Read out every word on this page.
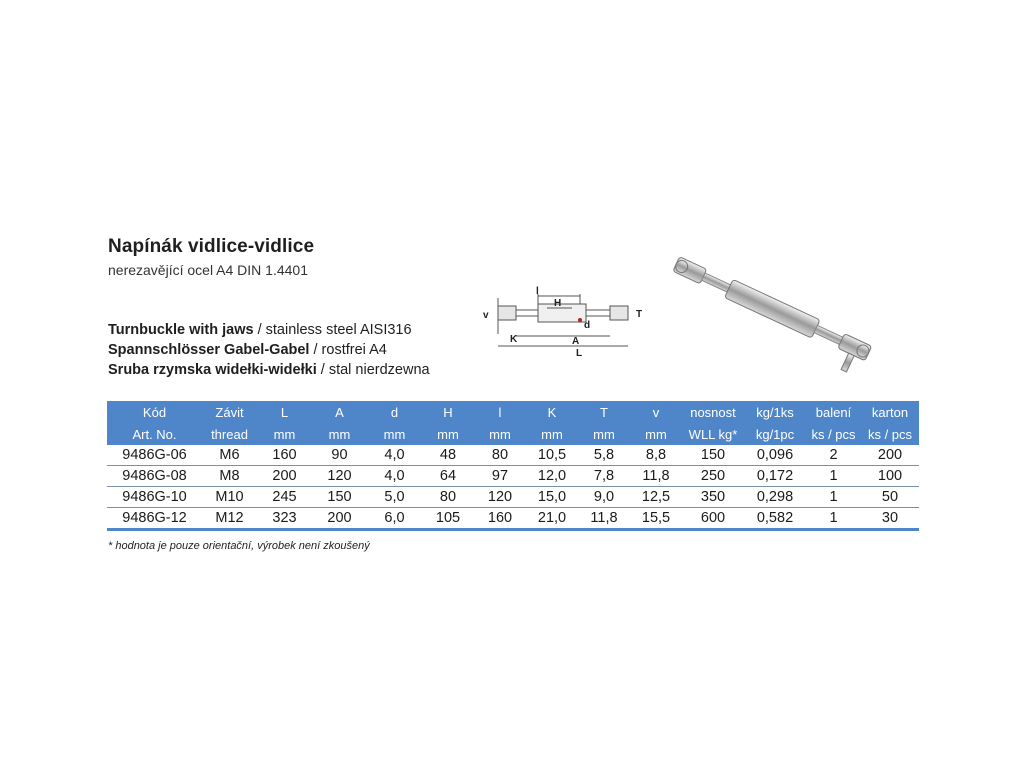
Napínák vidlice-vidlice
nerezavějící ocel A4 DIN 1.4401
Turnbuckle with jaws / stainless steel AISI316
Spannschlösser Gabel-Gabel / rostfrei A4
Sruba rzymska widełki-widełki / stal nierdzewna
l
H
v	T
d
K	A
L
Kód	Závit	L	A	d	H	l	K	T	v	nosnost	kg/1ks	balení	karton
Art. No.	thread	mm	mm	mm	mm	mm	mm	mm	mm	WLL kg*	kg/1pc	ks / pcs	ks / pcs
9486G-06	M6	160	90	4,0	48	80	10,5	5,8	8,8	150	0,096	2	200
9486G-08	M8	200	120	4,0	64	97	12,0	7,8	11,8	250	0,172	1	100
9486G-10	M10	245	150	5,0	80	120	15,0	9,0	12,5	350	0,298	1	50
9486G-12	M12	323	200	6,0	105	160	21,0	11,8	15,5	600	0,582	1	30
* hodnota je pouze orientační, výrobek není zkoušený
